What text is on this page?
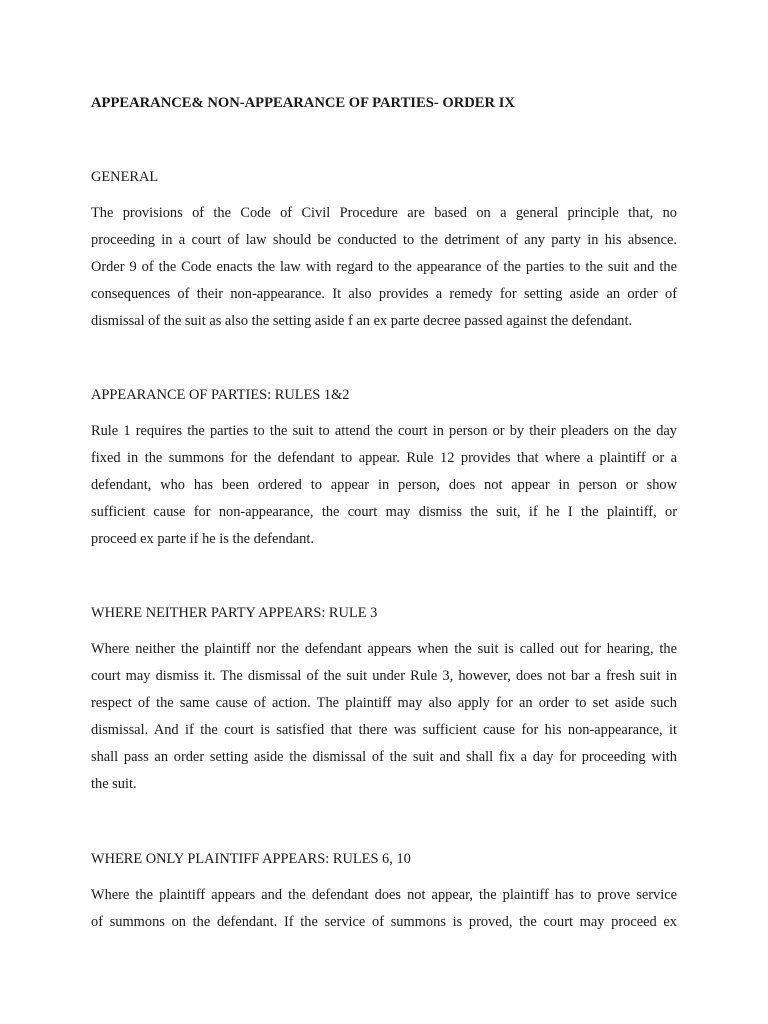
APPEARANCE& NON-APPEARANCE OF PARTIES- ORDER IX
GENERAL
The provisions of the Code of Civil Procedure are based on a general principle that, no
proceeding in a court of law should be conducted to the detriment of any party in his absence.
Order 9 of the Code enacts the law with regard to the appearance of the parties to the suit and the
consequences of their non-appearance. It also provides a remedy for setting aside an order of
dismissal of the suit as also the setting aside f an ex parte decree passed against the defendant.
APPEARANCE OF PARTIES: RULES 1&2
Rule 1 requires the parties to the suit to attend the court in person or by their pleaders on the day
fixed in the summons for the defendant to appear. Rule 12 provides that where a plaintiff or a
defendant, who has been ordered to appear in person, does not appear in person or show
sufficient cause for non-appearance, the court may dismiss the suit, if he I the plaintiff, or
proceed ex parte if he is the defendant.
WHERE NEITHER PARTY APPEARS: RULE 3
Where neither the plaintiff nor the defendant appears when the suit is called out for hearing, the
court may dismiss it. The dismissal of the suit under Rule 3, however, does not bar a fresh suit in
respect of the same cause of action. The plaintiff may also apply for an order to set aside such
dismissal. And if the court is satisfied that there was sufficient cause for his non-appearance, it
shall pass an order setting aside the dismissal of the suit and shall fix a day for proceeding with
the suit.
WHERE ONLY PLAINTIFF APPEARS: RULES 6, 10
Where the plaintiff appears and the defendant does not appear, the plaintiff has to prove service
of summons on the defendant. If the service of summons is proved, the court may proceed ex
